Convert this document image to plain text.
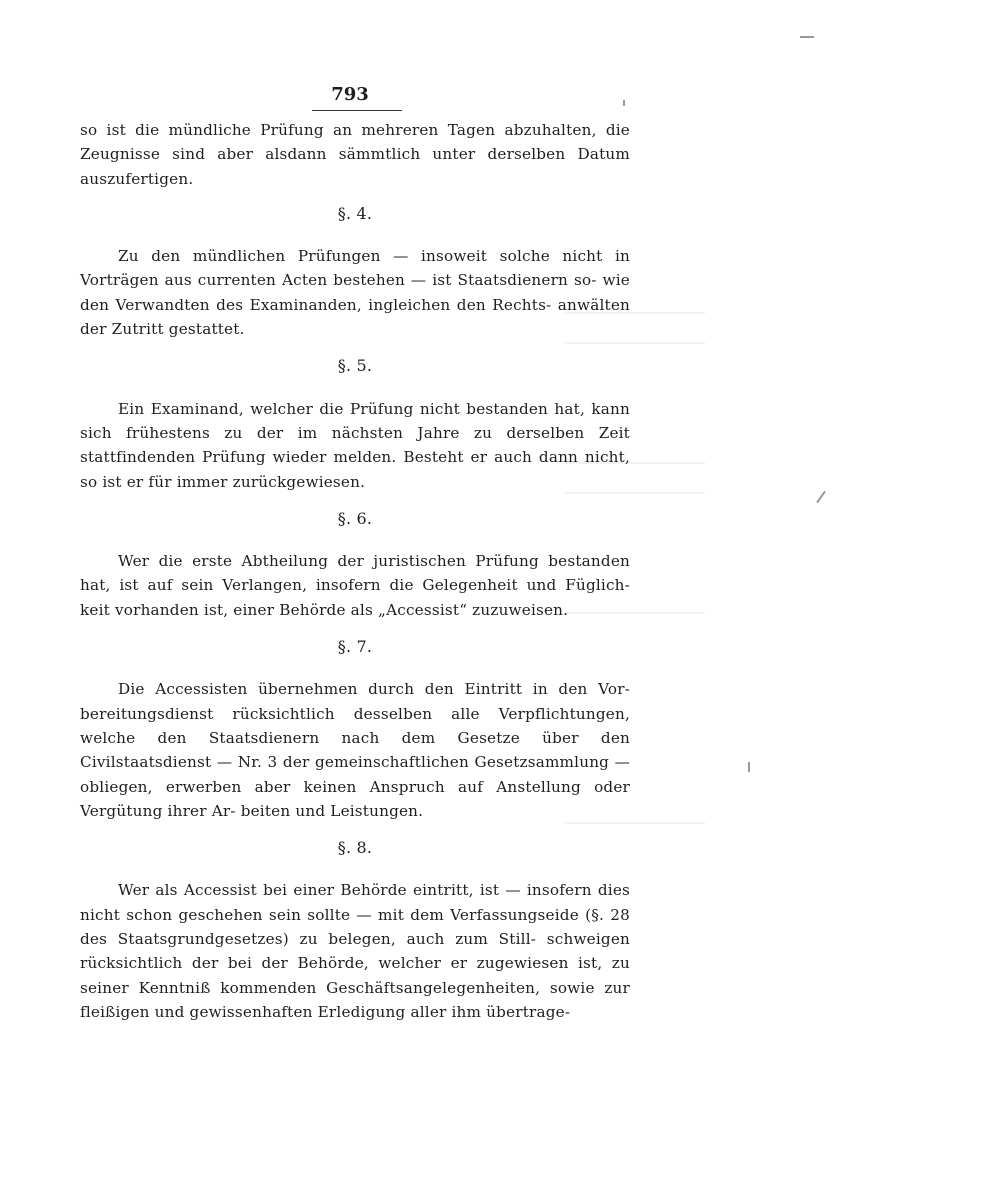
793

so ist die mündliche Prüfung an mehreren Tagen abzuhalten, die Zeugnisse sind aber alsdann sämmtlich unter derselben Datum auszufertigen.

§. 4.

Zu den mündlichen Prüfungen — insoweit solche nicht in Vorträgen aus currenten Acten bestehen — ist Staatsdienern so- wie den Verwandten des Examinanden, ingleichen den Rechts- anwälten der Zutritt gestattet.

§. 5.

Ein Examinand, welcher die Prüfung nicht bestanden hat, kann sich frühestens zu der im nächsten Jahre zu derselben Zeit stattfindenden Prüfung wieder melden. Besteht er auch dann nicht, so ist er für immer zurückgewiesen.

§. 6.

Wer die erste Abtheilung der juristischen Prüfung bestanden hat, ist auf sein Verlangen, insofern die Gelegenheit und Füglich- keit vorhanden ist, einer Behörde als „Accessist“ zuzuweisen.

§. 7.

Die Accessisten übernehmen durch den Eintritt in den Vor- bereitungsdienst rücksichtlich desselben alle Verpflichtungen, welche den Staatsdienern nach dem Gesetze über den Civilstaatsdienst — Nr. 3 der gemeinschaftlichen Gesetzsammlung — obliegen, erwerben aber keinen Anspruch auf Anstellung oder Vergütung ihrer Ar- beiten und Leistungen.

§. 8.

Wer als Accessist bei einer Behörde eintritt, ist — insofern dies nicht schon geschehen sein sollte — mit dem Verfassungseide (§. 28 des Staatsgrundgesetzes) zu belegen, auch zum Still- schweigen rücksichtlich der bei der Behörde, welcher er zugewiesen ist, zu seiner Kenntniß kommenden Geschäftsangelegenheiten, sowie zur fleißigen und gewissenhaften Erledigung aller ihm übertrage-
